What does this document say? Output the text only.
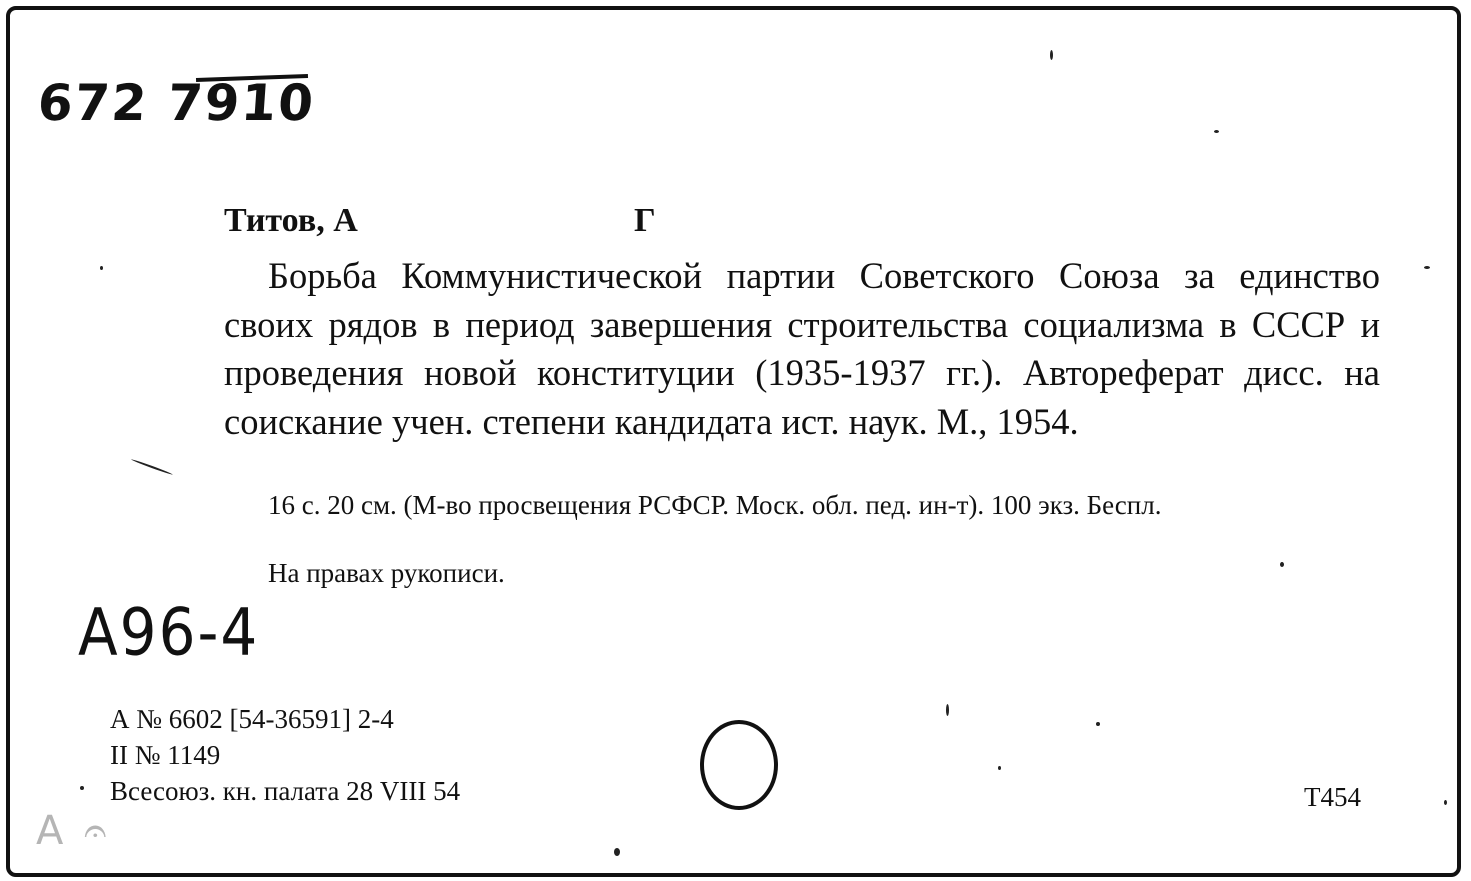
672 7910
Титов, А	Г

Борьба Коммунистической партии Советского Союза за единство своих рядов в период завершения строительства социализма в СССР и проведения новой конституции (1935-1937 гг.). Автореферат дисс. на соискание учен. степени кандидата ист. наук. М., 1954.

16 с. 20 см. (М-во просвещения РСФСР. Моск. обл. пед. ин-т). 100 экз. Беспл.

На правах рукописи.
А96-4
А № 6602 [54-36591] 2-4
II № 1149
Всесоюз. кн. палата 28 VIII 54	Т454
А 𝄐
